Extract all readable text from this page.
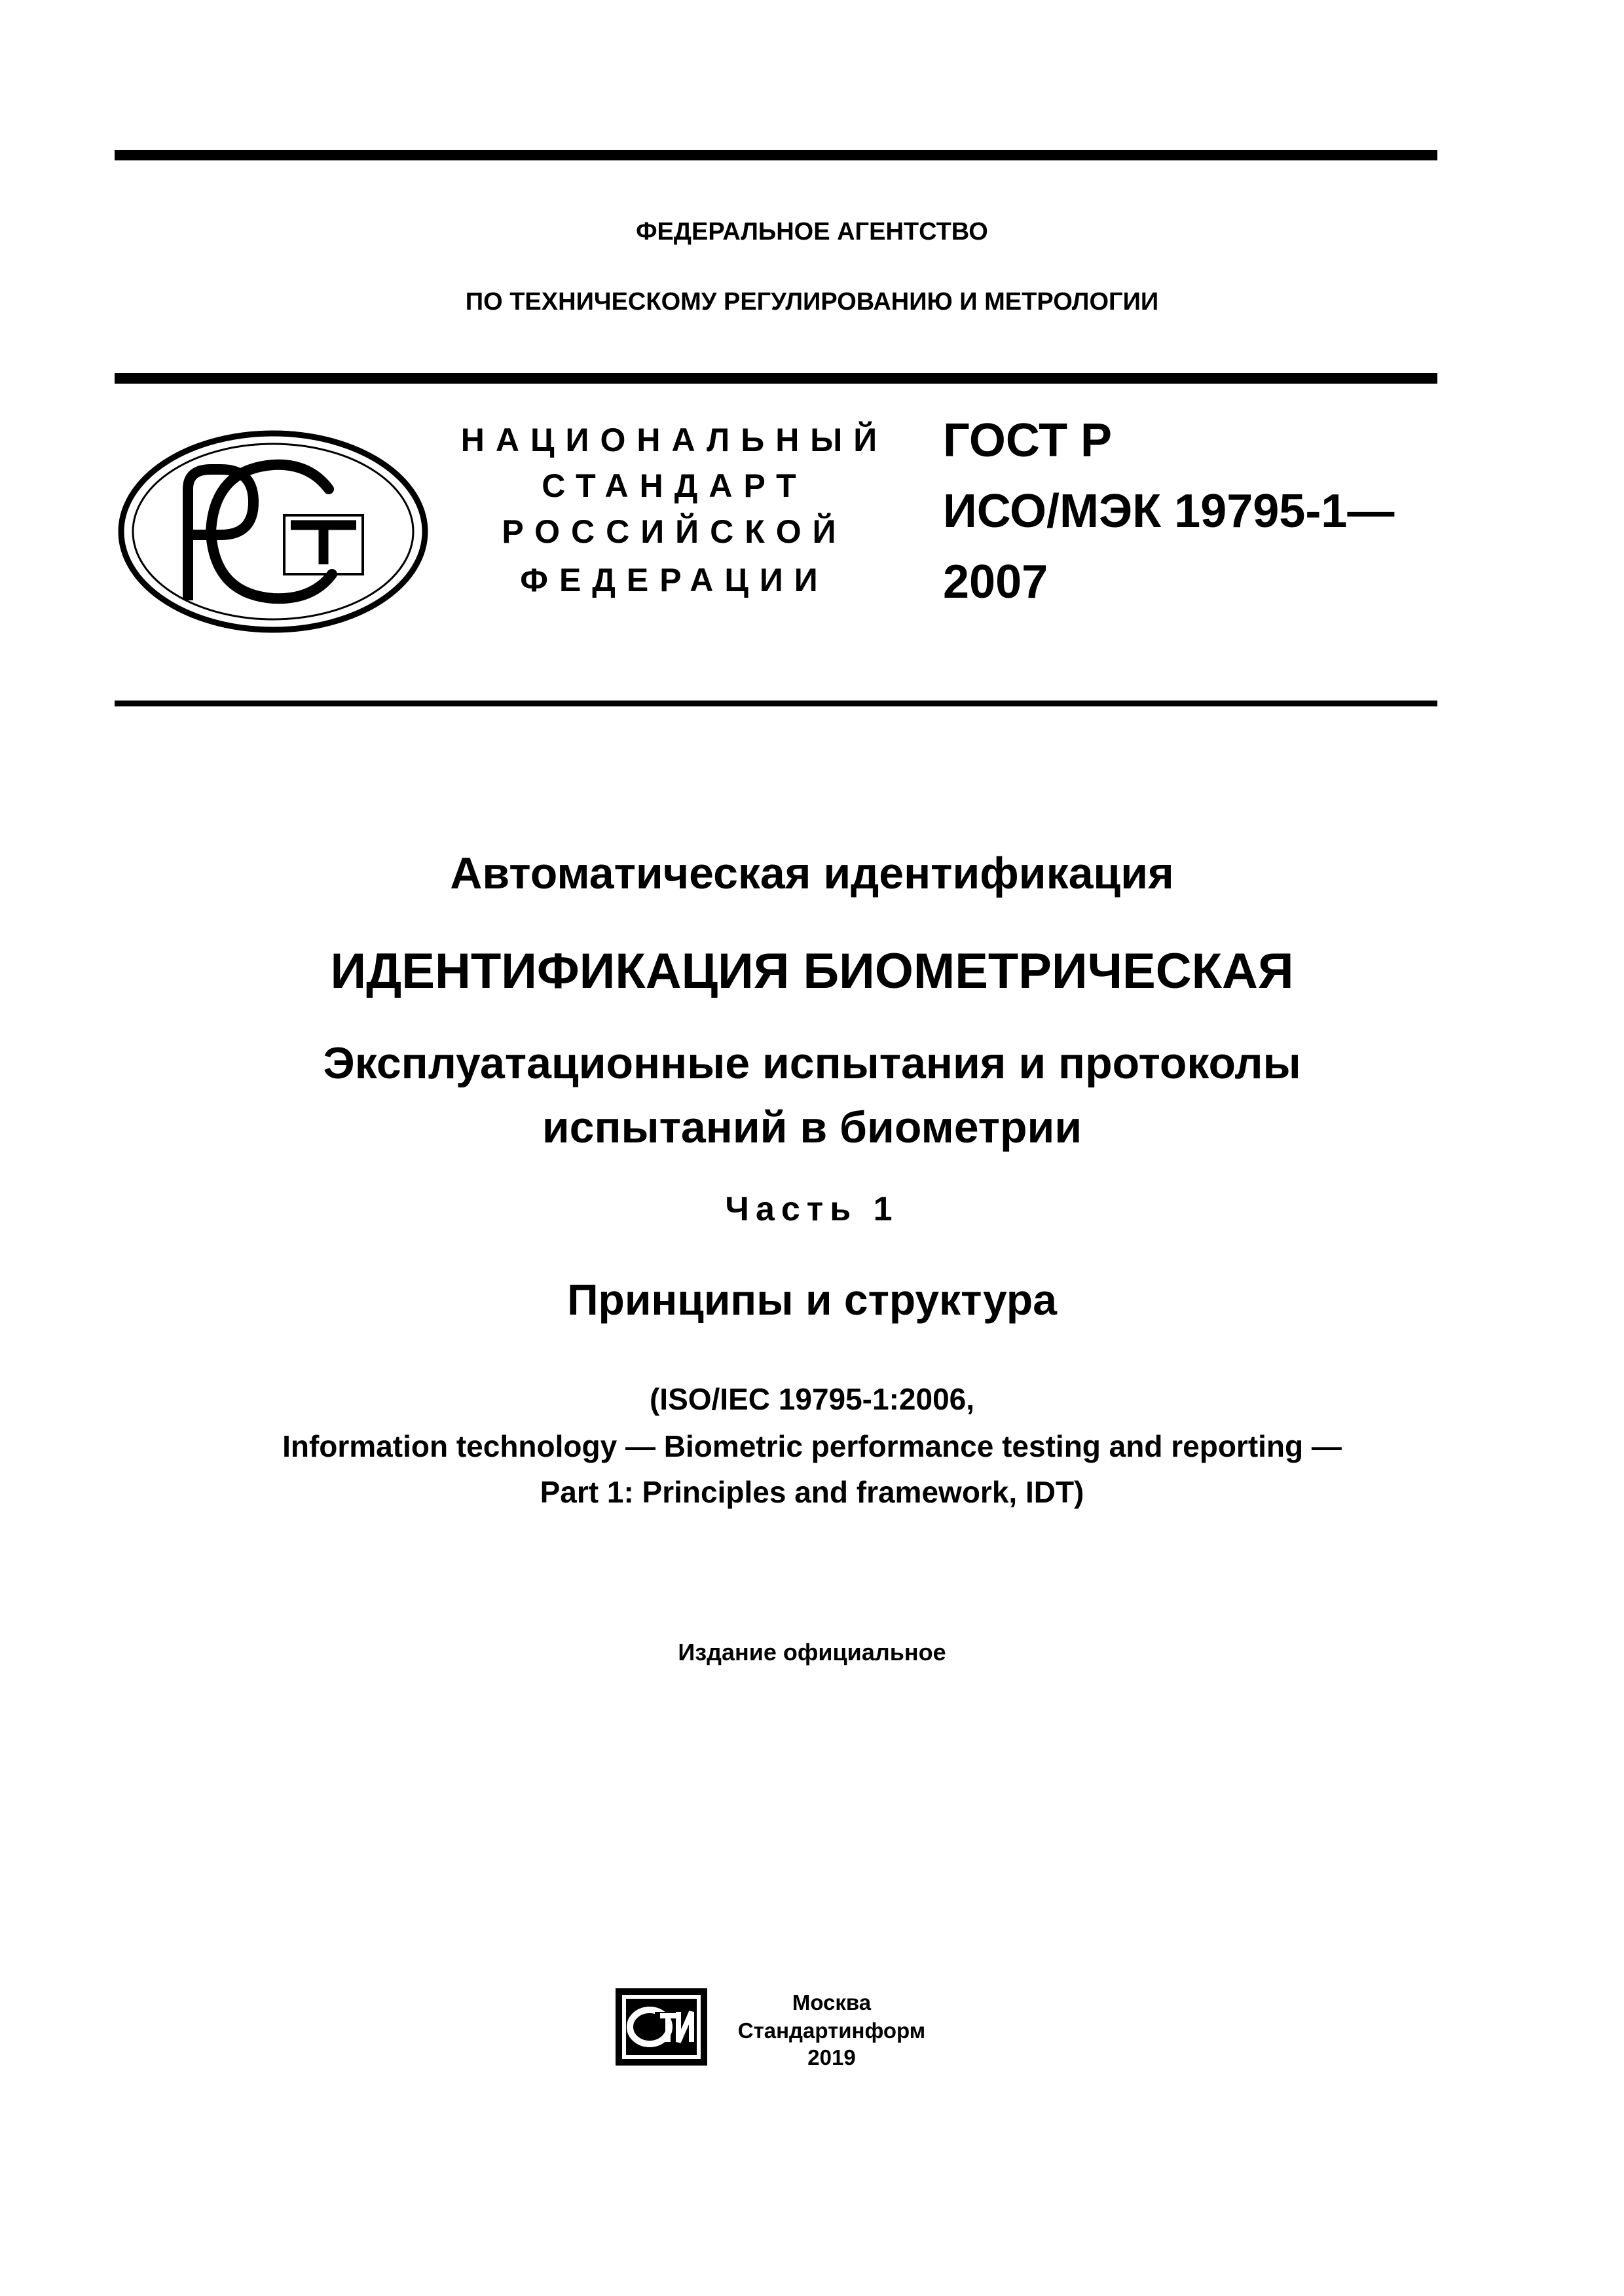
ФЕДЕРАЛЬНОЕ АГЕНТСТВО
ПО ТЕХНИЧЕСКОМУ РЕГУЛИРОВАНИЮ И МЕТРОЛОГИИ
НАЦИОНАЛЬНЫЙ
СТАНДАРТ
РОССИЙСКОЙ
ФЕДЕРАЦИИ
ГОСТ Р
ИСО/МЭК 19795-1—
2007
Автоматическая идентификация
ИДЕНТИФИКАЦИЯ БИОМЕТРИЧЕСКАЯ
Эксплуатационные испытания и протоколы
испытаний в биометрии
Часть 1
Принципы и структура
(ISO/IEC 19795-1:2006,
Information technology — Biometric performance testing and reporting —
Part 1: Principles and framework, IDT)
Издание официальное
Москва
Стандартинформ
2019
